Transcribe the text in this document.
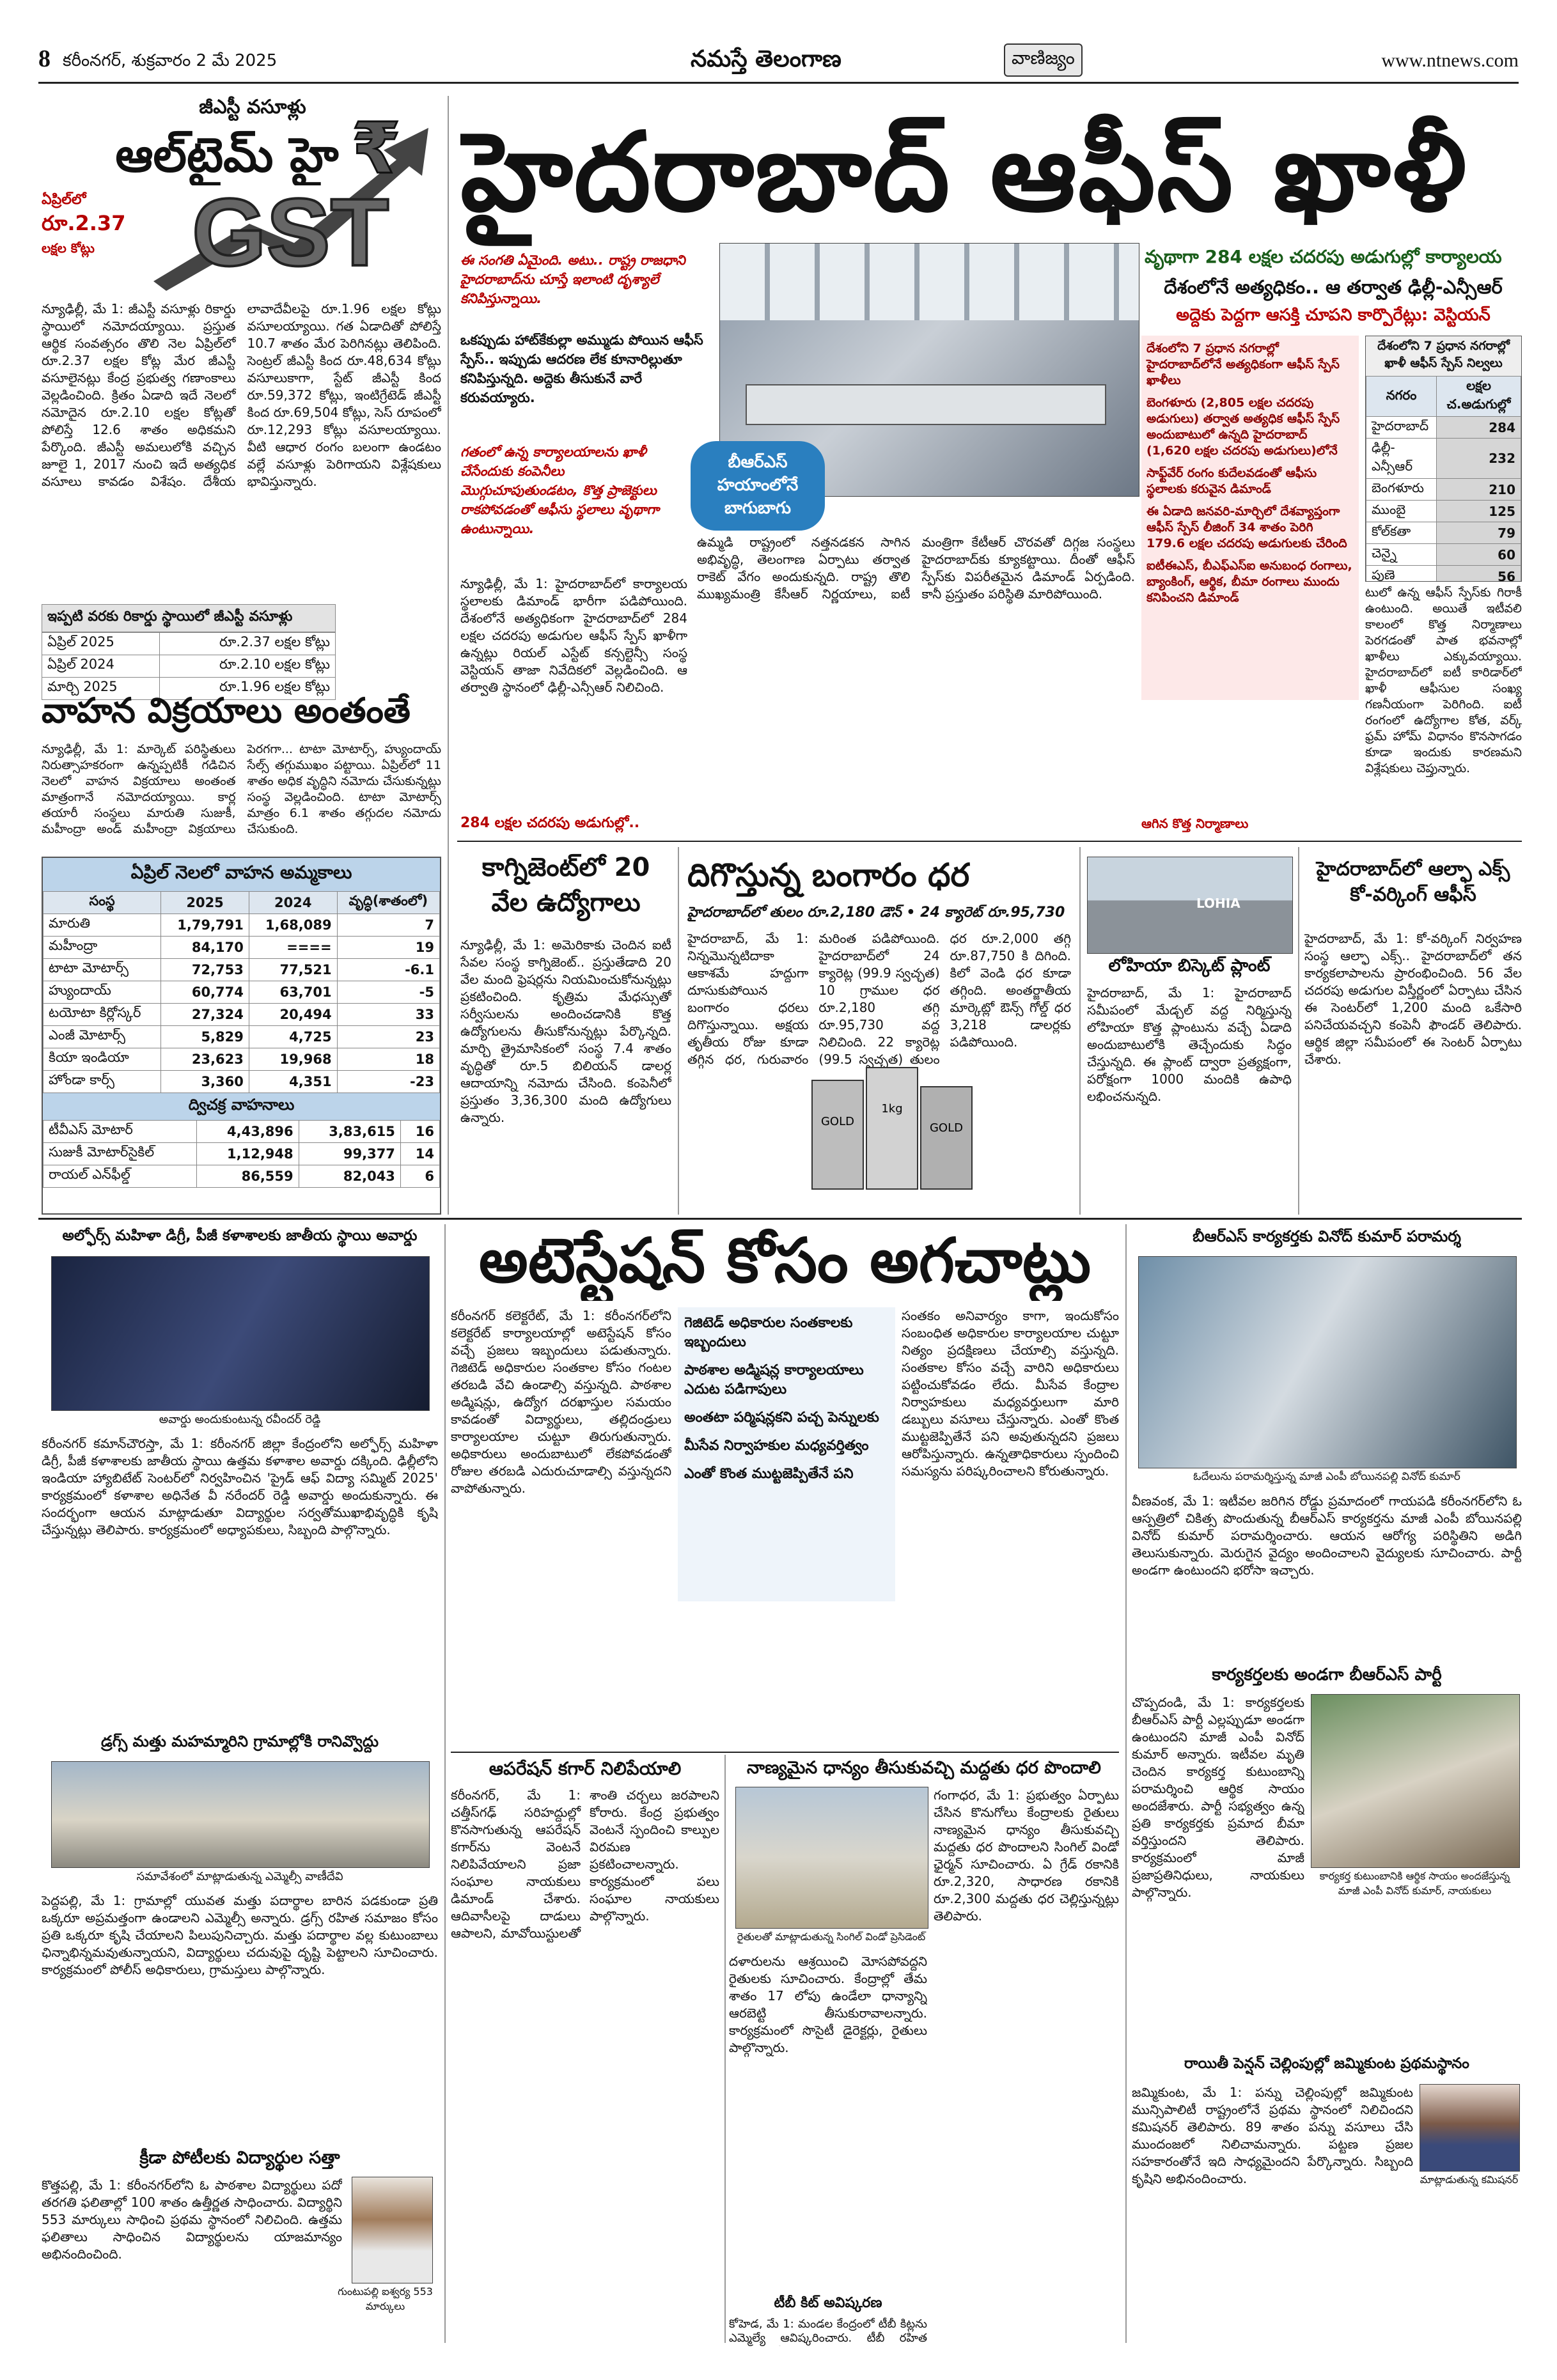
8 కరీంనగర్, శుక్రవారం 2 మే 2025	నమస్తే తెలంగాణ	వాణిజ్యం	www.ntnews.com
జీఎస్టీ వసూళ్లు
ఆల్‌టైమ్ హై
ఏప్రిల్‌లో
రూ.2.37
లక్షల కోట్లు	GST
₹
న్యూఢిల్లీ, మే 1: జీఎస్టీ వసూళ్లు రికార్డు స్థాయిలో నమోదయ్యాయి. ప్రస్తుత ఆర్థిక సంవత్సరం తొలి నెల ఏప్రిల్‌లో రూ.2.37 లక్షల కోట్ల మేర జీఎస్టీ వసూలైనట్లు కేంద్ర ప్రభుత్వ గణాంకాలు వెల్లడించింది. క్రితం ఏడాది ఇదే నెలలో నమోదైన రూ.2.10 లక్షల కోట్లతో పోలిస్తే 12.6 శాతం అధికమని పేర్కొంది. జీఎస్టీ అమలులోకి వచ్చిన జూలై 1, 2017 నుంచి ఇదే అత్యధిక వసూలు కావడం విశేషం. దేశీయ లావాదేవీలపై రూ.1.96 లక్షల కోట్లు వసూలయ్యాయి. గత ఏడాదితో పోలిస్తే 10.7 శాతం మేర పెరిగినట్లు తెలిపింది. సెంట్రల్ జీఎస్టీ కింద రూ.48,634 కోట్లు వసూలుకాగా, స్టేట్ జీఎస్టీ కింద రూ.59,372 కోట్లు, ఇంటిగ్రేటెడ్ జీఎస్టీ కింద రూ.69,504 కోట్లు, సెస్ రూపంలో రూ.12,293 కోట్లు వసూలయ్యాయి. వీటి ఆధార రంగం బలంగా ఉండటం వల్లే వసూళ్లు పెరిగాయని విశ్లేషకులు భావిస్తున్నారు.
ఇప్పటి వరకు రికార్డు స్థాయిలో జీఎస్టీ వసూళ్లు
ఏప్రిల్ 2025	రూ.2.37 లక్షల కోట్లు
ఏప్రిల్ 2024	రూ.2.10 లక్షల కోట్లు
మార్చి 2025	రూ.1.96 లక్షల కోట్లు
వాహన విక్రయాలు అంతంతే
న్యూఢిల్లీ, మే 1: మార్కెట్ పరిస్థితులు నిరుత్సాహకరంగా ఉన్నప్పటికీ గడిచిన నెలలో వాహన విక్రయాలు అంతంత మాత్రంగానే నమోదయ్యాయి. కార్ల తయారీ సంస్థలు మారుతి సుజుకీ, మహీంద్రా అండ్ మహీంద్రా విక్రయాలు పెరగగా... టాటా మోటార్స్, హ్యుందాయ్ సేల్స్ తగ్గుముఖం పట్టాయి. ఏప్రిల్‌లో 11 శాతం అధిక వృద్ధిని నమోదు చేసుకున్నట్లు సంస్థ వెల్లడించింది. టాటా మోటార్స్ మాత్రం 6.1 శాతం తగ్గుదల నమోదు చేసుకుంది.
ఏప్రిల్ నెలలో వాహన అమ్మకాలు
సంస్థ	2025	2024	వృద్ధి(శాతంలో)
మారుతి	1,79,791	1,68,089	7
మహీంద్రా	84,170	====	19
టాటా మోటార్స్	72,753	77,521	-6.1
హ్యుందాయ్	60,774	63,701	-5
టయోటా కిర్లోస్కర్	27,324	20,494	33
ఎంజీ మోటార్స్	5,829	4,725	23
కియా ఇండియా	23,623	19,968	18
హోండా కార్స్	3,360	4,351	-23
ద్విచక్ర వాహనాలు
టీవీఎస్ మోటార్	4,43,896	3,83,615	16
సుజుకీ మోటార్‌సైకిల్	1,12,948	99,377	14
రాయల్ ఎన్‌ఫీల్డ్	86,559	82,043	6
హైదరాబాద్ ఆఫీస్ ఖాళీ
బీఆర్ఎస్ హయాంలోనే బాగుబాగు
ఈ సంగతి ఏమైంది. అటు.. రాష్ట్ర రాజధాని హైదరాబాద్‌ను చూస్తే ఇలాంటి దృశ్యాలే కనిపిస్తున్నాయి.
ఒకప్పుడు హాట్‌కేకుల్లా అమ్ముడు పోయిన ఆఫీస్ స్పేస్.. ఇప్పుడు ఆదరణ లేక కూనారిల్లుతూ కనిపిస్తున్నది. అద్దెకు తీసుకునే వారే కరువయ్యారు.
గతంలో ఉన్న కార్యాలయాలను ఖాళీ చేసేందుకు కంపెనీలు మొగ్గుచూపుతుండటం, కొత్త ప్రాజెక్టులు రాకపోవడంతో ఆఫీసు స్థలాలు వృథాగా ఉంటున్నాయి.
న్యూఢిల్లీ, మే 1: హైదరాబాద్‌లో కార్యాలయ స్థలాలకు డిమాండ్ భారీగా పడిపోయింది. దేశంలోనే అత్యధికంగా హైదరాబాద్‌లో 284 లక్షల చదరపు అడుగుల ఆఫీస్ స్పేస్ ఖాళీగా ఉన్నట్లు రియల్ ఎస్టేట్ కన్సల్టెన్సీ సంస్థ వెస్టియన్ తాజా నివేదికలో వెల్లడించింది. ఆ తర్వాతి స్థానంలో ఢిల్లీ-ఎన్సీఆర్ నిలిచింది.
284 లక్షల చదరపు అడుగుల్లో..
ఉమ్మడి రాష్ట్రంలో నత్తనడకన సాగిన అభివృద్ధి, తెలంగాణ ఏర్పాటు తర్వాత రాకెట్ వేగం అందుకున్నది. రాష్ట్ర తొలి ముఖ్యమంత్రి కేసీఆర్ నిర్ణయాలు, ఐటీ మంత్రిగా కేటీఆర్ చొరవతో దిగ్గజ సంస్థలు హైదరాబాద్‌కు క్యూకట్టాయి. దీంతో ఆఫీస్ స్పేస్‌కు విపరీతమైన డిమాండ్ ఏర్పడింది. కానీ ప్రస్తుతం పరిస్థితి మారిపోయింది.
వృథాగా 284 లక్షల చదరపు అడుగుల్లో కార్యాలయ
దేశంలోనే అత్యధికం.. ఆ తర్వాత ఢిల్లీ-ఎన్సీఆర్
అద్దెకు పెద్దగా ఆసక్తి చూపని కార్పొరేట్లు: వెస్టియన్
దేశంలోని 7 ప్రధాన నగరాల్లో హైదరాబాద్‌లోనే అత్యధికంగా ఆఫీస్ స్పేస్ ఖాళీలు
బెంగళూరు (2,805 లక్షల చదరపు అడుగులు) తర్వాత అత్యధిక ఆఫీస్ స్పేస్ అందుబాటులో ఉన్నది హైదరాబాద్ (1,620 లక్షల చదరపు అడుగులు)లోనే
సాఫ్ట్‌వేర్ రంగం కుదేలవడంతో ఆఫీసు స్థలాలకు కరువైన డిమాండ్
ఈ ఏడాది జనవరి-మార్చిలో దేశవ్యాప్తంగా ఆఫీస్ స్పేస్ లీజింగ్ 34 శాతం పెరిగి 179.6 లక్షల చదరపు అడుగులకు చేరింది
ఐటీఈఎస్, బీఎఫ్ఎస్ఐ అనుబంధ రంగాలు, బ్యాంకింగ్, ఆర్థిక, బీమా రంగాలు ముందు కనిపించని డిమాండ్
దేశంలోని 7 ప్రధాన నగరాల్లో ఖాళీ ఆఫీస్ స్పేస్ నిల్వలు
నగరం	లక్షల చ.అడుగుల్లో
హైదరాబాద్	284
ఢిల్లీ-ఎన్సీఆర్	232
బెంగళూరు	210
ముంబై	125
కోల్‌కతా	79
చెన్నై	60
పుణె	56
టులో ఉన్న ఆఫీస్ స్పేస్‌కు గిరాకీ ఉంటుంది. అయితే ఇటీవలి కాలంలో కొత్త నిర్మాణాలు పెరగడంతో పాత భవనాల్లో ఖాళీలు ఎక్కువయ్యాయి. హైదరాబాద్‌లో ఐటీ కారిడార్‌లో ఖాళీ ఆఫీసుల సంఖ్య గణనీయంగా పెరిగింది. ఐటీ రంగంలో ఉద్యోగాల కోత, వర్క్ ఫ్రమ్ హోమ్ విధానం కొనసాగడం కూడా ఇందుకు కారణమని విశ్లేషకులు చెప్తున్నారు.
ఆగిన కొత్త నిర్మాణాలు
కాగ్నిజెంట్‌లో 20 వేల ఉద్యోగాలు
న్యూఢిల్లీ, మే 1: అమెరికాకు చెందిన ఐటీ సేవల సంస్థ కాగ్నిజెంట్.. ప్రస్తుతేడాది 20 వేల మంది ఫ్రెషర్లను నియమించుకోనున్నట్లు ప్రకటించింది. కృత్రిమ మేధస్సుతో సర్వీసులను అందించడానికి కొత్త ఉద్యోగులను తీసుకోనున్నట్లు పేర్కొన్నది. మార్చి త్రైమాసికంలో సంస్థ 7.4 శాతం వృద్ధితో రూ.5 బిలియన్ డాలర్ల ఆదాయాన్ని నమోదు చేసింది. కంపెనీలో ప్రస్తుతం 3,36,300 మంది ఉద్యోగులు ఉన్నారు.
దిగొస్తున్న బంగారం ధర
హైదరాబాద్‌లో తులం రూ.2,180 డౌన్ • 24 క్యారెట్ రూ.95,730
హైదరాబాద్, మే 1: నిన్నమొన్నటిదాకా ఆకాశమే హద్దుగా దూసుకుపోయిన బంగారం ధరలు దిగొస్తున్నాయి. అక్షయ తృతీయ రోజు కూడా తగ్గిన ధర, గురువారం మరింత పడిపోయింది. హైదరాబాద్‌లో 24 క్యారెట్ల (99.9 స్వచ్ఛత) 10 గ్రాముల ధర రూ.2,180 తగ్గి రూ.95,730 వద్ద నిలిచింది. 22 క్యారెట్ల (99.5 స్వచ్ఛత) తులం ధర రూ.2,000 తగ్గి రూ.87,750 కి దిగింది. కిలో వెండి ధర కూడా తగ్గింది. అంతర్జాతీయ మార్కెట్లో ఔన్స్ గోల్డ్ ధర 3,218 డాలర్లకు పడిపోయింది.
GOLD
1kg
GOLD
LOHIA
లోహియా బిస్కెట్ ప్లాంట్
హైదరాబాద్, మే 1: హైదరాబాద్ సమీపంలో మేడ్చల్ వద్ద నిర్మిస్తున్న లోహియా కొత్త ప్లాంటును వచ్చే ఏడాది అందుబాటులోకి తెచ్చేందుకు సిద్ధం చేస్తున్నది. ఈ ప్లాంట్ ద్వారా ప్రత్యక్షంగా, పరోక్షంగా 1000 మందికి ఉపాధి లభించనున్నది.
హైదరాబాద్‌లో ఆల్ఫా ఎక్స్ కో-వర్కింగ్ ఆఫీస్
హైదరాబాద్, మే 1: కో-వర్కింగ్ నిర్వహణ సంస్థ ఆల్ఫా ఎక్స్.. హైదరాబాద్‌లో తన కార్యకలాపాలను ప్రారంభించింది. 56 వేల చదరపు అడుగుల విస్తీర్ణంలో ఏర్పాటు చేసిన ఈ సెంటర్‌లో 1,200 మంది ఒకేసారి పనిచేయవచ్చని కంపెనీ ఫౌండర్ తెలిపారు. ఆర్థిక జిల్లా సమీపంలో ఈ సెంటర్ ఏర్పాటు చేశారు.
అల్ఫోర్స్ మహిళా డిగ్రీ, పీజీ కళాశాలకు జాతీయ స్థాయి అవార్డు
అవార్డు అందుకుంటున్న రవీందర్ రెడ్డి
కరీంనగర్ కమాన్‌చౌరస్తా, మే 1: కరీంనగర్ జిల్లా కేంద్రంలోని అల్ఫోర్స్ మహిళా డిగ్రీ, పీజీ కళాశాలకు జాతీయ స్థాయి ఉత్తమ కళాశాల అవార్డు దక్కింది. ఢిల్లీలోని ఇండియా హ్యాబిటేట్ సెంటర్‌లో నిర్వహించిన 'ప్రైడ్ ఆఫ్ విద్యా సమ్మిట్ 2025' కార్యక్రమంలో కళాశాల అధినేత వీ నరేందర్ రెడ్డి అవార్డు అందుకున్నారు. ఈ సందర్భంగా ఆయన మాట్లాడుతూ విద్యార్థుల సర్వతోముఖాభివృద్ధికి కృషి చేస్తున్నట్లు తెలిపారు. కార్యక్రమంలో అధ్యాపకులు, సిబ్బంది పాల్గొన్నారు.
డ్రగ్స్ మత్తు మహమ్మారిని గ్రామాల్లోకి రానివ్వొద్దు
సమావేశంలో మాట్లాడుతున్న ఎమ్మెల్సీ వాణీదేవి
పెద్దపల్లి, మే 1: గ్రామాల్లో యువత మత్తు పదార్థాల బారిన పడకుండా ప్రతి ఒక్కరూ అప్రమత్తంగా ఉండాలని ఎమ్మెల్సీ అన్నారు. డ్రగ్స్ రహిత సమాజం కోసం ప్రతి ఒక్కరూ కృషి చేయాలని పిలుపునిచ్చారు. మత్తు పదార్థాల వల్ల కుటుంబాలు ఛిన్నాభిన్నమవుతున్నాయని, విద్యార్థులు చదువుపై దృష్టి పెట్టాలని సూచించారు. కార్యక్రమంలో పోలీస్ అధికారులు, గ్రామస్తులు పాల్గొన్నారు.
క్రీడా పోటీలకు విద్యార్థుల సత్తా
గుంటుపల్లి ఐశ్వర్య 553 మార్కులు
కొత్తపల్లి, మే 1: కరీంనగర్‌లోని ఓ పాఠశాల విద్యార్థులు పదో తరగతి ఫలితాల్లో 100 శాతం ఉత్తీర్ణత సాధించారు. విద్యార్థిని 553 మార్కులు సాధించి ప్రథమ స్థానంలో నిలిచింది. ఉత్తమ ఫలితాలు సాధించిన విద్యార్థులను యాజమాన్యం అభినందించింది.
అటెస్టేషన్ కోసం అగచాట్లు
కరీంనగర్ కలెక్టరేట్, మే 1: కరీంనగర్‌లోని కలెక్టరేట్ కార్యాలయాల్లో అటెస్టేషన్ కోసం వచ్చే ప్రజలు ఇబ్బందులు పడుతున్నారు. గెజిటెడ్ అధికారుల సంతకాల కోసం గంటల తరబడి వేచి ఉండాల్సి వస్తున్నది. పాఠశాల అడ్మిషన్లు, ఉద్యోగ దరఖాస్తుల సమయం కావడంతో విద్యార్థులు, తల్లిదండ్రులు కార్యాలయాల చుట్టూ తిరుగుతున్నారు. అధికారులు అందుబాటులో లేకపోవడంతో రోజుల తరబడి ఎదురుచూడాల్సి వస్తున్నదని వాపోతున్నారు.
గెజిటెడ్ అధికారుల సంతకాలకు ఇబ్బందులు
పాఠశాల అడ్మిషన్ల కార్యాలయాలు ఎదుట పడిగాపులు
అంతటా పర్మిషన్లకని పచ్చ పెన్నులకు
మీసేవ నిర్వాహకుల మధ్యవర్తిత్వం
ఎంతో కొంత ముట్టజెప్పితేనే పని
సంతకం అనివార్యం కాగా, ఇందుకోసం సంబంధిత అధికారుల కార్యాలయాల చుట్టూ నిత్యం ప్రదక్షిణలు చేయాల్సి వస్తున్నది. సంతకాల కోసం వచ్చే వారిని అధికారులు పట్టించుకోవడం లేదు. మీసేవ కేంద్రాల నిర్వాహకులు మధ్యవర్తులుగా మారి డబ్బులు వసూలు చేస్తున్నారు. ఎంతో కొంత ముట్టజెప్పితేనే పని అవుతున్నదని ప్రజలు ఆరోపిస్తున్నారు. ఉన్నతాధికారులు స్పందించి సమస్యను పరిష్కరించాలని కోరుతున్నారు.
ఆపరేషన్ కగార్ నిలిపేయాలి
కరీంనగర్, మే 1: చత్తీస్‌గఢ్ సరిహద్దుల్లో కొనసాగుతున్న ఆపరేషన్ కగార్‌ను వెంటనే నిలిపివేయాలని ప్రజా సంఘాల నాయకులు డిమాండ్ చేశారు. ఆదివాసీలపై దాడులు ఆపాలని, మావోయిస్టులతో శాంతి చర్చలు జరపాలని కోరారు. కేంద్ర ప్రభుత్వం వెంటనే స్పందించి కాల్పుల విరమణ ప్రకటించాలన్నారు. కార్యక్రమంలో పలు సంఘాల నాయకులు పాల్గొన్నారు.
నాణ్యమైన ధాన్యం తీసుకువచ్చి మద్దతు ధర పొందాలి
రైతులతో మాట్లాడుతున్న సింగిల్ విండో ప్రెసిడెంట్
గంగాధర, మే 1: ప్రభుత్వం ఏర్పాటు చేసిన కొనుగోలు కేంద్రాలకు రైతులు నాణ్యమైన ధాన్యం తీసుకువచ్చి మద్దతు ధర పొందాలని సింగిల్ విండో ఛైర్మన్ సూచించారు. ఏ గ్రేడ్ రకానికి రూ.2,320, సాధారణ రకానికి రూ.2,300 మద్దతు ధర చెల్లిస్తున్నట్లు తెలిపారు.
దళారులను ఆశ్రయించి మోసపోవద్దని రైతులకు సూచించారు. కేంద్రాల్లో తేమ శాతం 17 లోపు ఉండేలా ధాన్యాన్ని ఆరబెట్టి తీసుకురావాలన్నారు. కార్యక్రమంలో సొసైటీ డైరెక్టర్లు, రైతులు పాల్గొన్నారు.
టీబీ కిట్ అవిష్కరణ
కోహెడ, మే 1: మండల కేంద్రంలో టీబీ కిట్లను ఎమ్మెల్యే ఆవిష్కరించారు. టీబీ రహిత
బీఆర్ఎస్ కార్యకర్తకు వినోద్ కుమార్ పరామర్శ
ఓదేలును పరామర్శిస్తున్న మాజీ ఎంపీ బోయినపల్లి వినోద్ కుమార్
వీణవంక, మే 1: ఇటీవల జరిగిన రోడ్డు ప్రమాదంలో గాయపడి కరీంనగర్‌లోని ఓ ఆస్పత్రిలో చికిత్స పొందుతున్న బీఆర్ఎస్ కార్యకర్తను మాజీ ఎంపీ బోయినపల్లి వినోద్ కుమార్ పరామర్శించారు. ఆయన ఆరోగ్య పరిస్థితిని అడిగి తెలుసుకున్నారు. మెరుగైన వైద్యం అందించాలని వైద్యులకు సూచించారు. పార్టీ అండగా ఉంటుందని భరోసా ఇచ్చారు.
కార్యకర్తలకు అండగా బీఆర్ఎస్ పార్టీ
చొప్పదండి, మే 1: కార్యకర్తలకు బీఆర్ఎస్ పార్టీ ఎల్లప్పుడూ అండగా ఉంటుందని మాజీ ఎంపీ వినోద్ కుమార్ అన్నారు. ఇటీవల మృతి చెందిన కార్యకర్త కుటుంబాన్ని పరామర్శించి ఆర్థిక సాయం అందజేశారు. పార్టీ సభ్యత్వం ఉన్న ప్రతి కార్యకర్తకు ప్రమాద బీమా వర్తిస్తుందని తెలిపారు. కార్యక్రమంలో మాజీ ప్రజాప్రతినిధులు, నాయకులు పాల్గొన్నారు.
కార్యకర్త కుటుంబానికి ఆర్థిక సాయం అందజేస్తున్న మాజీ ఎంపీ వినోద్ కుమార్, నాయకులు
రాయితీ పెన్షన్ చెల్లింపుల్లో జమ్మికుంట ప్రథమస్థానం
జమ్మికుంట, మే 1: పన్ను చెల్లింపుల్లో జమ్మికుంట మున్సిపాలిటీ రాష్ట్రంలోనే ప్రథమ స్థానంలో నిలిచిందని కమిషనర్ తెలిపారు. 89 శాతం పన్ను వసూలు చేసి ముందంజలో నిలిచామన్నారు. పట్టణ ప్రజల సహకారంతోనే ఇది సాధ్యమైందని పేర్కొన్నారు. సిబ్బంది కృషిని అభినందించారు.	మాట్లాడుతున్న కమిషనర్
